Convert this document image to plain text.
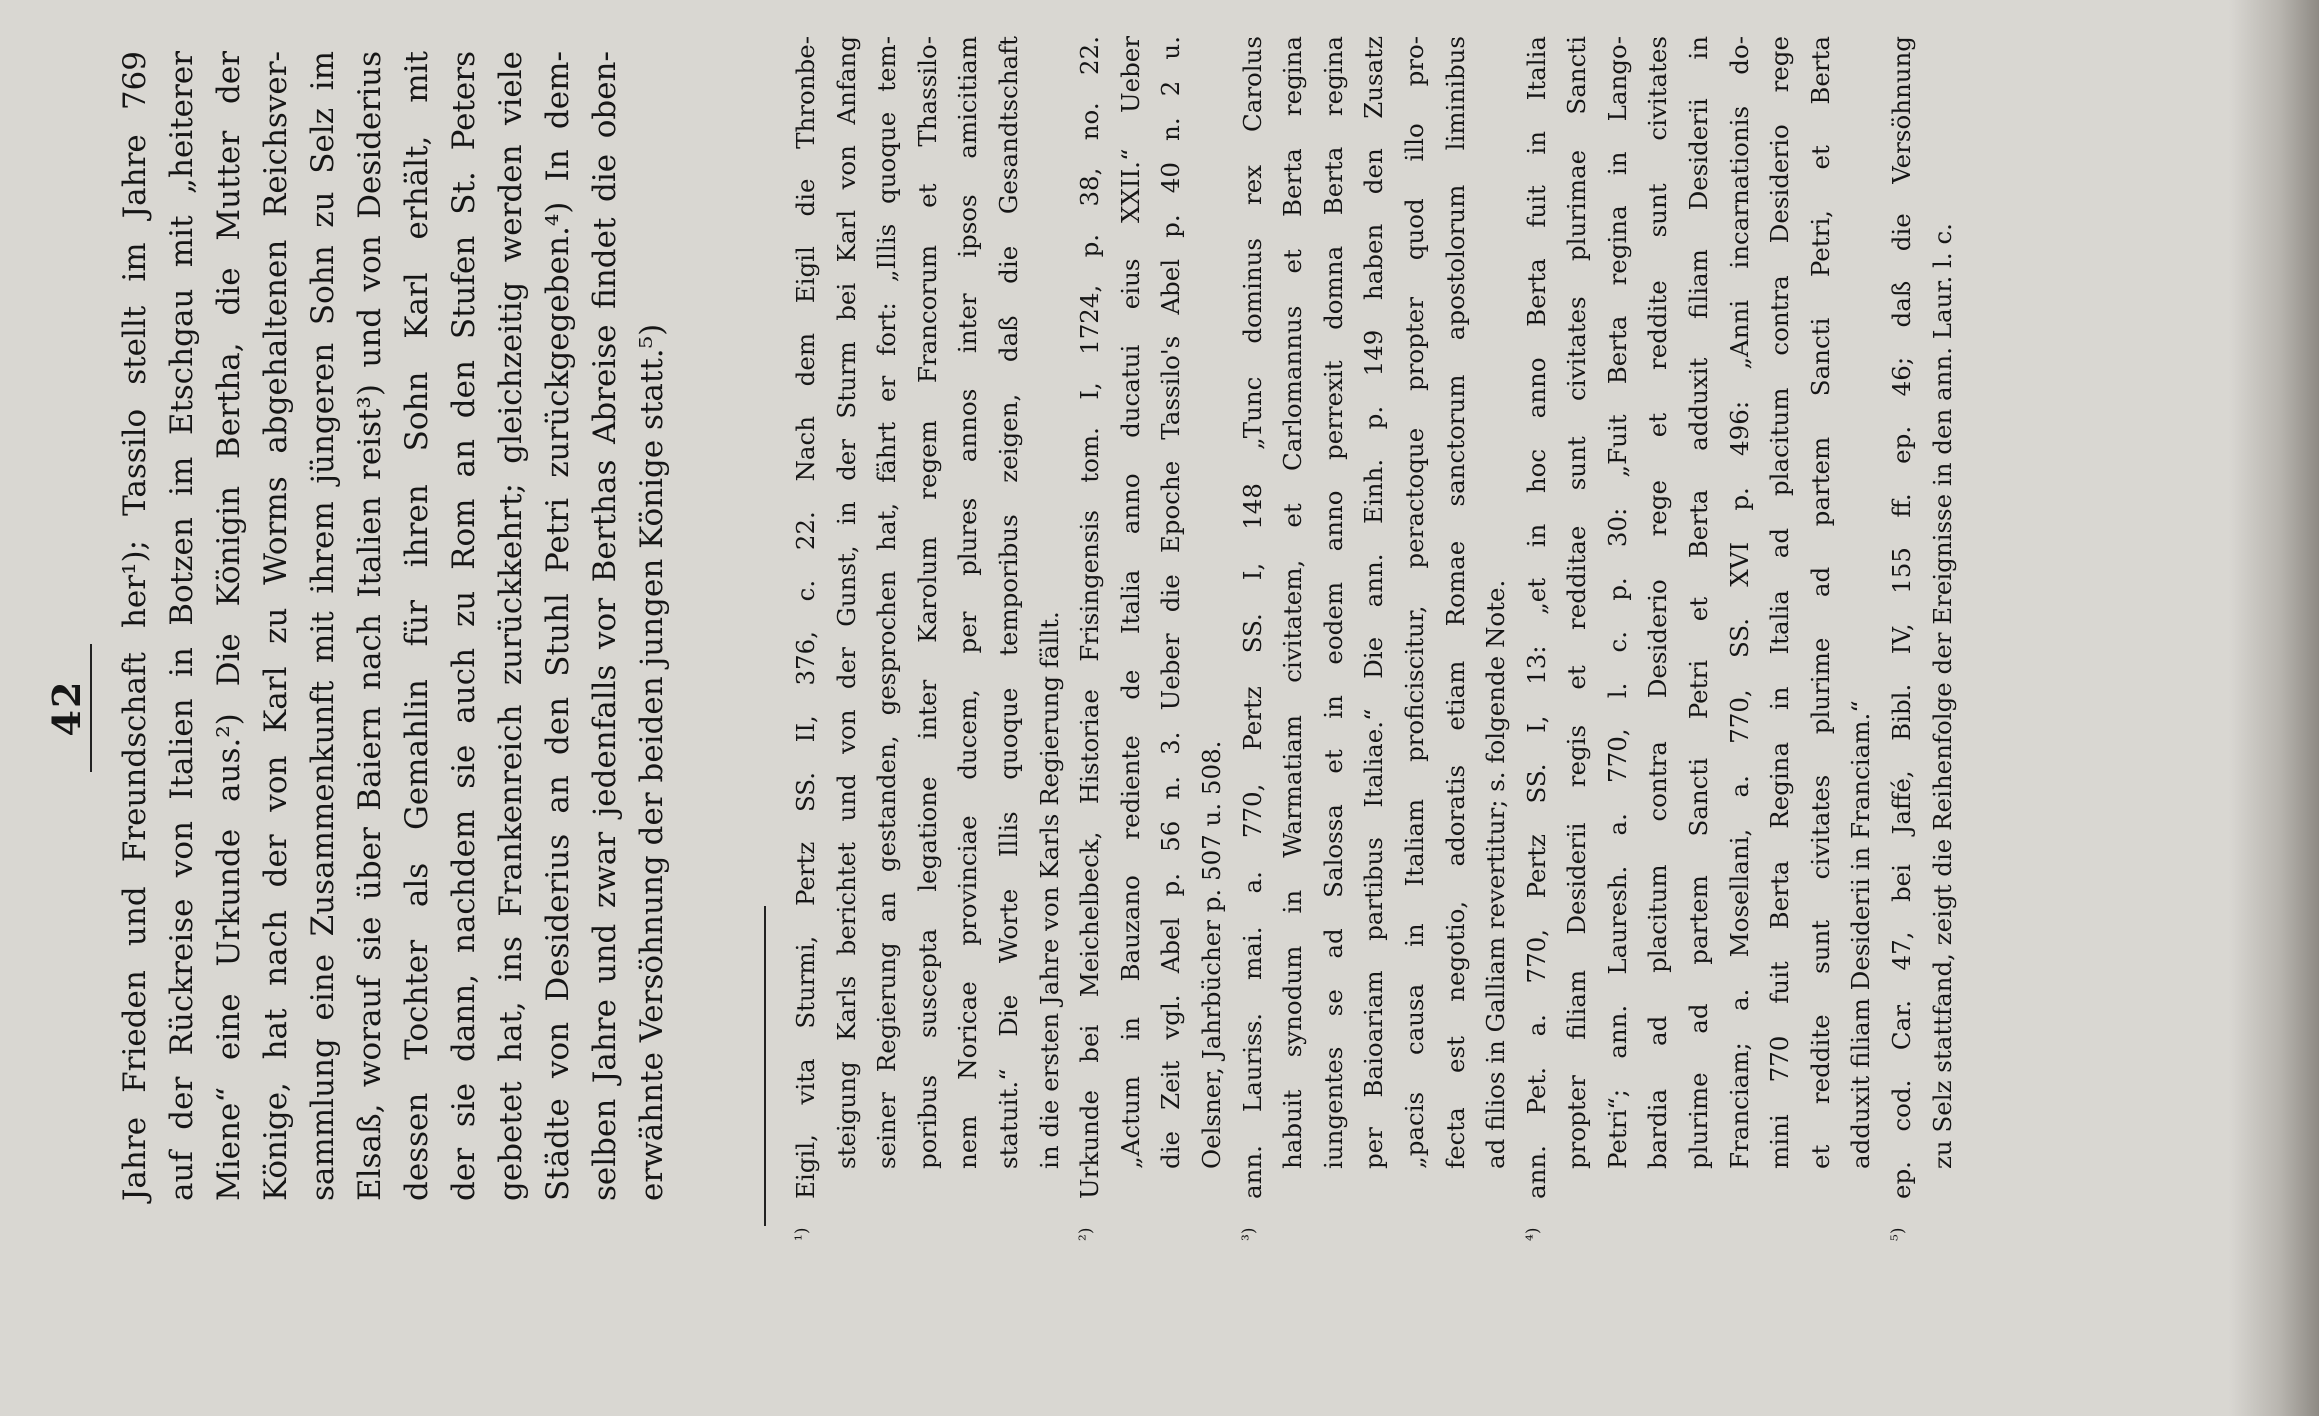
42 Jahre Frieden und Freundschaft her¹); Tassilo stellt im Jahre 769 auf der Rückreise von Italien in Botzen im Etschgau mit „heiterer Miene“ eine Urkunde aus.²) Die Königin Bertha, die Mutter der Könige, hat nach der von Karl zu Worms abgehaltenen Reichsver- sammlung eine Zusammenkunft mit ihrem jüngeren Sohn zu Selz im Elsaß, worauf sie über Baiern nach Italien reist³) und von Desiderius dessen Tochter als Gemahlin für ihren Sohn Karl erhält, mit der sie dann, nachdem sie auch zu Rom an den Stufen St. Peters gebetet hat, ins Frankenreich zurückkehrt; gleichzeitig werden viele Städte von Desiderius an den Stuhl Petri zurückgegeben.⁴) In dem- selben Jahre und zwar jedenfalls vor Berthas Abreise findet die oben- erwähnte Versöhnung der beiden jungen Könige statt.⁵)
¹)
Eigil, vita Sturmi, Pertz SS. II, 376, c. 22. Nach dem Eigil die Thronbe- steigung Karls berichtet und von der Gunst, in der Sturm bei Karl von Anfang seiner Regierung an gestanden, gesprochen hat, fährt er fort: „Illis quoque tem- poribus suscepta legatione inter Karolum regem Francorum et Thassilo- nem Noricae provinciae ducem, per plures annos inter ipsos amicitiam statuit.“ Die Worte Illis quoque temporibus zeigen, daß die Gesandtschaft in die ersten Jahre von Karls Regierung fällt.
²)
Urkunde bei Meichelbeck, Historiae Frisingensis tom. I, 1724, p. 38, no. 22. „Actum in Bauzano rediente de Italia anno ducatui eius XXII.“ Ueber die Zeit vgl. Abel p. 56 n. 3. Ueber die Epoche Tassilo's Abel p. 40 n. 2 u. Oelsner, Jahrbücher p. 507 u. 508.
³)
ann. Lauriss. mai. a. 770, Pertz SS. I, 148 „Tunc dominus rex Carolus habuit synodum in Warmatiam civitatem, et Carlomannus et Berta regina iungentes se ad Salossa et in eodem anno perrexit domna Berta regina per Baioariam partibus Italiae.“ Die ann. Einh. p. 149 haben den Zusatz „pacis causa in Italiam proficiscitur, peractoque propter quod illo pro- fecta est negotio, adoratis etiam Romae sanctorum apostolorum liminibus ad filios in Galliam revertitur; s. folgende Note.
⁴)
ann. Pet. a. 770, Pertz SS. I, 13: „et in hoc anno Berta fuit in Italia propter filiam Desiderii regis et redditae sunt civitates plurimae Sancti Petri“; ann. Lauresh. a. 770, l. c. p. 30: „Fuit Berta regina in Lango- bardia ad placitum contra Desiderio rege et reddite sunt civitates plurime ad partem Sancti Petri et Berta adduxit filiam Desiderii in Franciam; a. Mosellani, a. 770, SS. XVI p. 496: „Anni incarnationis do- mini 770 fuit Berta Regina in Italia ad placitum contra Desiderio rege et reddite sunt civitates plurime ad partem Sancti Petri, et Berta adduxit filiam Desiderii in Franciam.“
⁵)
ep. cod. Car. 47, bei Jaffé, Bibl. IV, 155 ff. ep. 46; daß die Versöhnung zu Selz stattfand, zeigt die Reihenfolge der Ereignisse in den ann. Laur. l. c.
